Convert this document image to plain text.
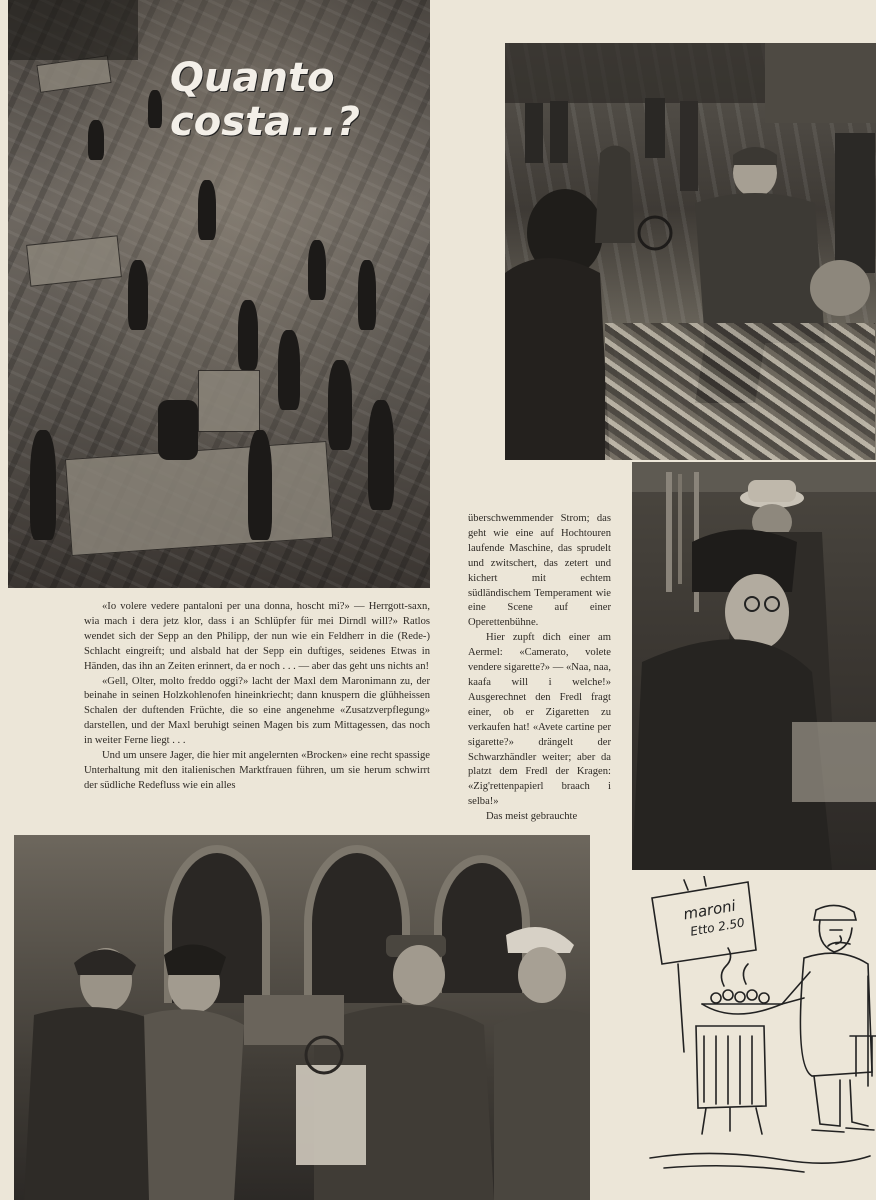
Quanto
costa...?

«Io volere vedere pantaloni per una donna, hoscht mi?» — Herrgott-saxn, wia mach i dera jetz klor, dass i an Schlüpfer für mei Dirndl will?» Ratlos wendet sich der Sepp an den Philipp, der nun wie ein Feldherr in die (Rede-) Schlacht eingreift; und alsbald hat der Sepp ein duftiges, seidenes Etwas in Händen, das ihn an Zeiten erinnert, da er noch . . . — aber das geht uns nichts an!

«Gell, Olter, molto freddo oggi?» lacht der Maxl dem Maronimann zu, der beinahe in seinen Holzkohlenofen hineinkriecht; dann knuspern die glühheissen Schalen der duftenden Früchte, die so eine angenehme «Zusatzverpflegung» darstellen, und der Maxl beruhigt seinen Magen bis zum Mittagessen, das noch in weiter Ferne liegt . . .

Und um unsere Jager, die hier mit angelernten «Brocken» eine recht spassige Unterhaltung mit den italienischen Marktfrauen führen, um sie herum schwirrt der südliche Redefluss wie ein alles

überschwemmender Strom; das geht wie eine auf Hochtouren laufende Maschine, das sprudelt und zwitschert, das zetert und kichert mit echtem südländischem Temperament wie eine Scene auf einer Operettenbühne.

Hier zupft dich einer am Aermel: «Camerato, volete vendere sigarette?» — «Naa, naa, kaafa will i welche!» Ausgerechnet den Fredl fragt einer, ob er Zigaretten zu verkaufen hat! «Avete cartine per sigarette?» drängelt der Schwarzhändler weiter; aber da platzt dem Fredl der Kragen: «Zig'rettenpapierl braach i selba!»

Das meist gebrauchte

maroni
Etto 2.50
